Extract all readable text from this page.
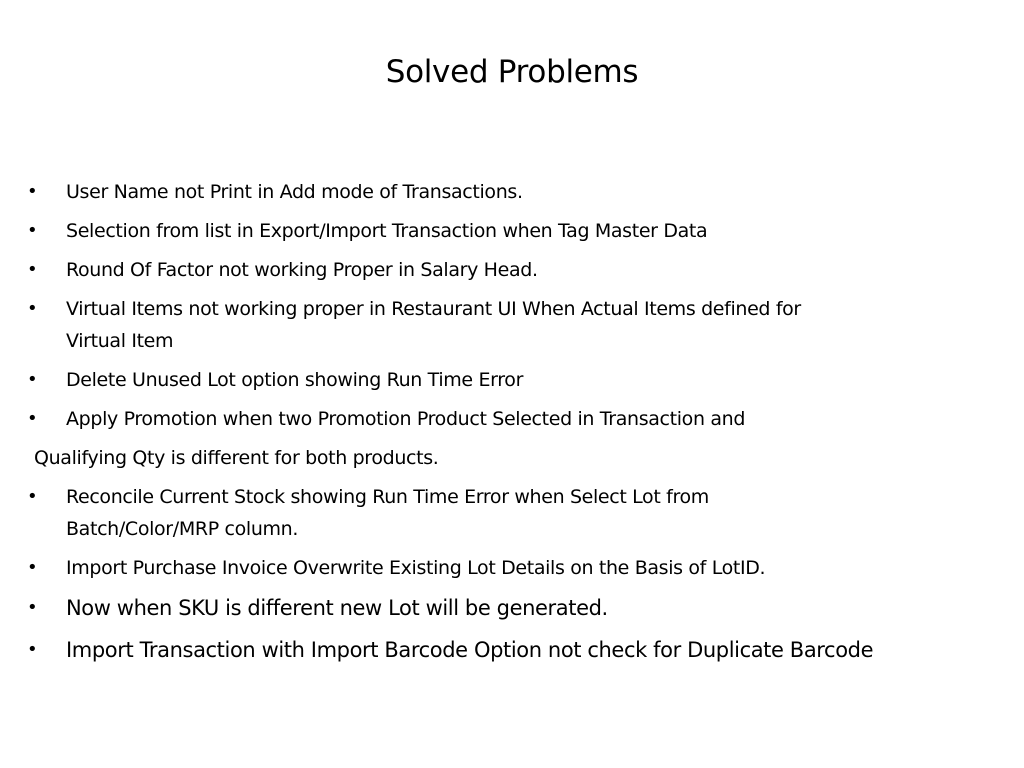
Solved Problems
• User Name not Print in Add mode of Transactions.
• Selection from list in Export/Import Transaction when Tag Master Data
• Round Of Factor not working Proper in Salary Head.
• Virtual Items not working proper in Restaurant UI When Actual Items defined for
Virtual Item
• Delete Unused Lot option showing Run Time Error
• Apply Promotion when two Promotion Product Selected in Transaction and
Qualifying Qty is different for both products.
• Reconcile Current Stock showing Run Time Error when Select Lot from
Batch/Color/MRP column.
• Import Purchase Invoice Overwrite Existing Lot Details on the Basis of LotID.
• Now when SKU is different new Lot will be generated.
• Import Transaction with Import Barcode Option not check for Duplicate Barcode
